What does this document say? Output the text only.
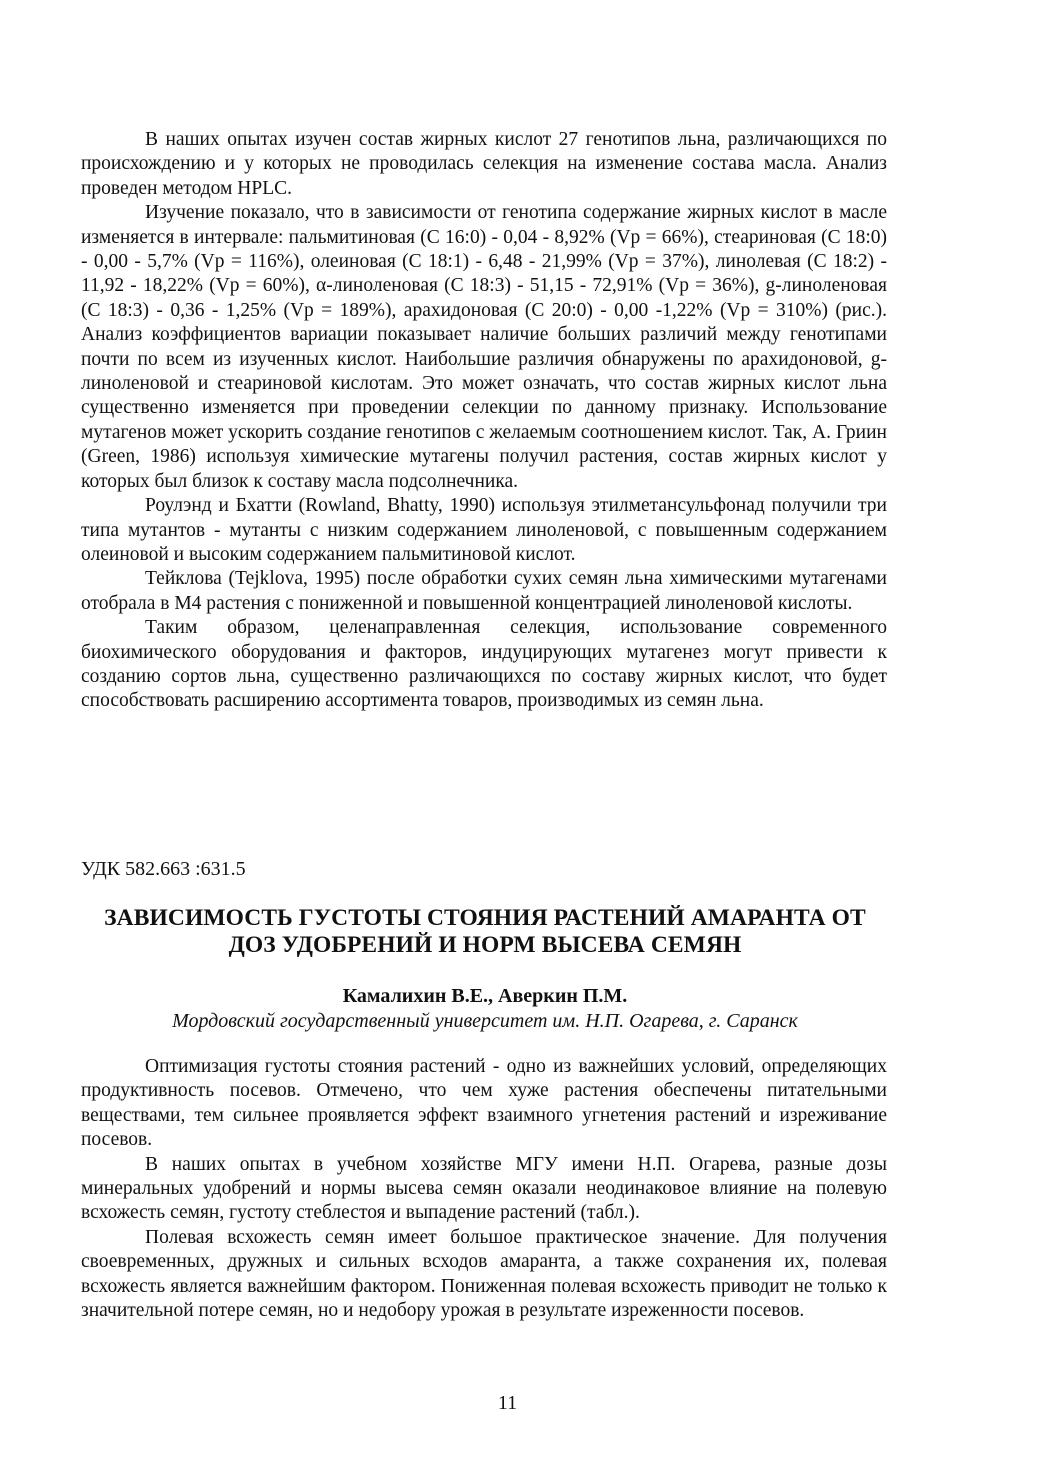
В наших опытах изучен состав жирных кислот 27 генотипов льна, различающихся по происхождению и у которых не проводилась селекция на изменение состава масла. Анализ проведен методом HPLC.

Изучение показало, что в зависимости от генотипа содержание жирных кислот в масле изменяется в интервале: пальмитиновая (С 16:0) - 0,04 - 8,92% (Vр = 66%), стеариновая (С 18:0) - 0,00 - 5,7% (Vр = 116%), олеиновая (С 18:1) - 6,48 - 21,99% (Vр = 37%), линолевая (С 18:2) - 11,92 - 18,22% (Vр = 60%), α-линоленовая (С 18:3) - 51,15 - 72,91% (Vр = 36%), g-линоленовая (С 18:3) - 0,36 - 1,25% (Vр = 189%), арахидоновая (С 20:0) - 0,00 -1,22% (Vр = 310%) (рис.). Анализ коэффициентов вариации показывает наличие больших различий между генотипами почти по всем из изученных кислот. Наибольшие различия обнаружены по арахидоновой, g-линоленовой и стеариновой кислотам. Это может означать, что состав жирных кислот льна существенно изменяется при проведении селекции по данному признаку. Использование мутагенов может ускорить создание генотипов с желаемым соотношением кислот. Так, А. Гриин (Green, 1986) используя химические мутагены получил растения, состав жирных кислот у которых был близок к составу масла подсолнечника.

Роулэнд и Бхатти (Rowland, Bhatty, 1990) используя этилметансульфонад получили три типа мутантов - мутанты с низким содержанием линоленовой, с повышенным содержанием олеиновой и высоким содержанием пальмитиновой кислот.

Тейклова (Tejklova, 1995) после обработки сухих семян льна химическими мутагенами отобрала в М4 растения с пониженной и повышенной концентрацией линоленовой кислоты.

Таким образом, целенаправленная селекция, использование современного биохимического оборудования и факторов, индуцирующих мутагенез могут привести к созданию сортов льна, существенно различающихся по составу жирных кислот, что будет способствовать расширению ассортимента товаров, производимых из семян льна.

УДК 582.663 :631.5
ЗАВИСИМОСТЬ ГУСТОТЫ СТОЯНИЯ РАСТЕНИЙ АМАРАНТА ОТ
ДОЗ УДОБРЕНИЙ И НОРМ ВЫСЕВА СЕМЯН
Камалихин В.Е., Аверкин П.М.
Мордовский государственный университет им. Н.П. Огарева, г. Саранск

Оптимизация густоты стояния растений - одно из важнейших условий, определяющих продуктивность посевов. Отмечено, что чем хуже растения обеспечены питательными веществами, тем сильнее проявляется эффект взаимного угнетения растений и изреживание посевов.

В наших опытах в учебном хозяйстве МГУ имени Н.П. Огарева, разные дозы минеральных удобрений и нормы высева семян оказали неодинаковое влияние на полевую всхожесть семян, густоту стеблестоя и выпадение растений (табл.).

Полевая всхожесть семян имеет большое практическое значение. Для получения своевременных, дружных и сильных всходов амаранта, а также сохранения их, полевая всхожесть является важнейшим фактором. Пониженная полевая всхожесть приводит не только к значительной потере семян, но и недобору урожая в результате изреженности посевов.

11
